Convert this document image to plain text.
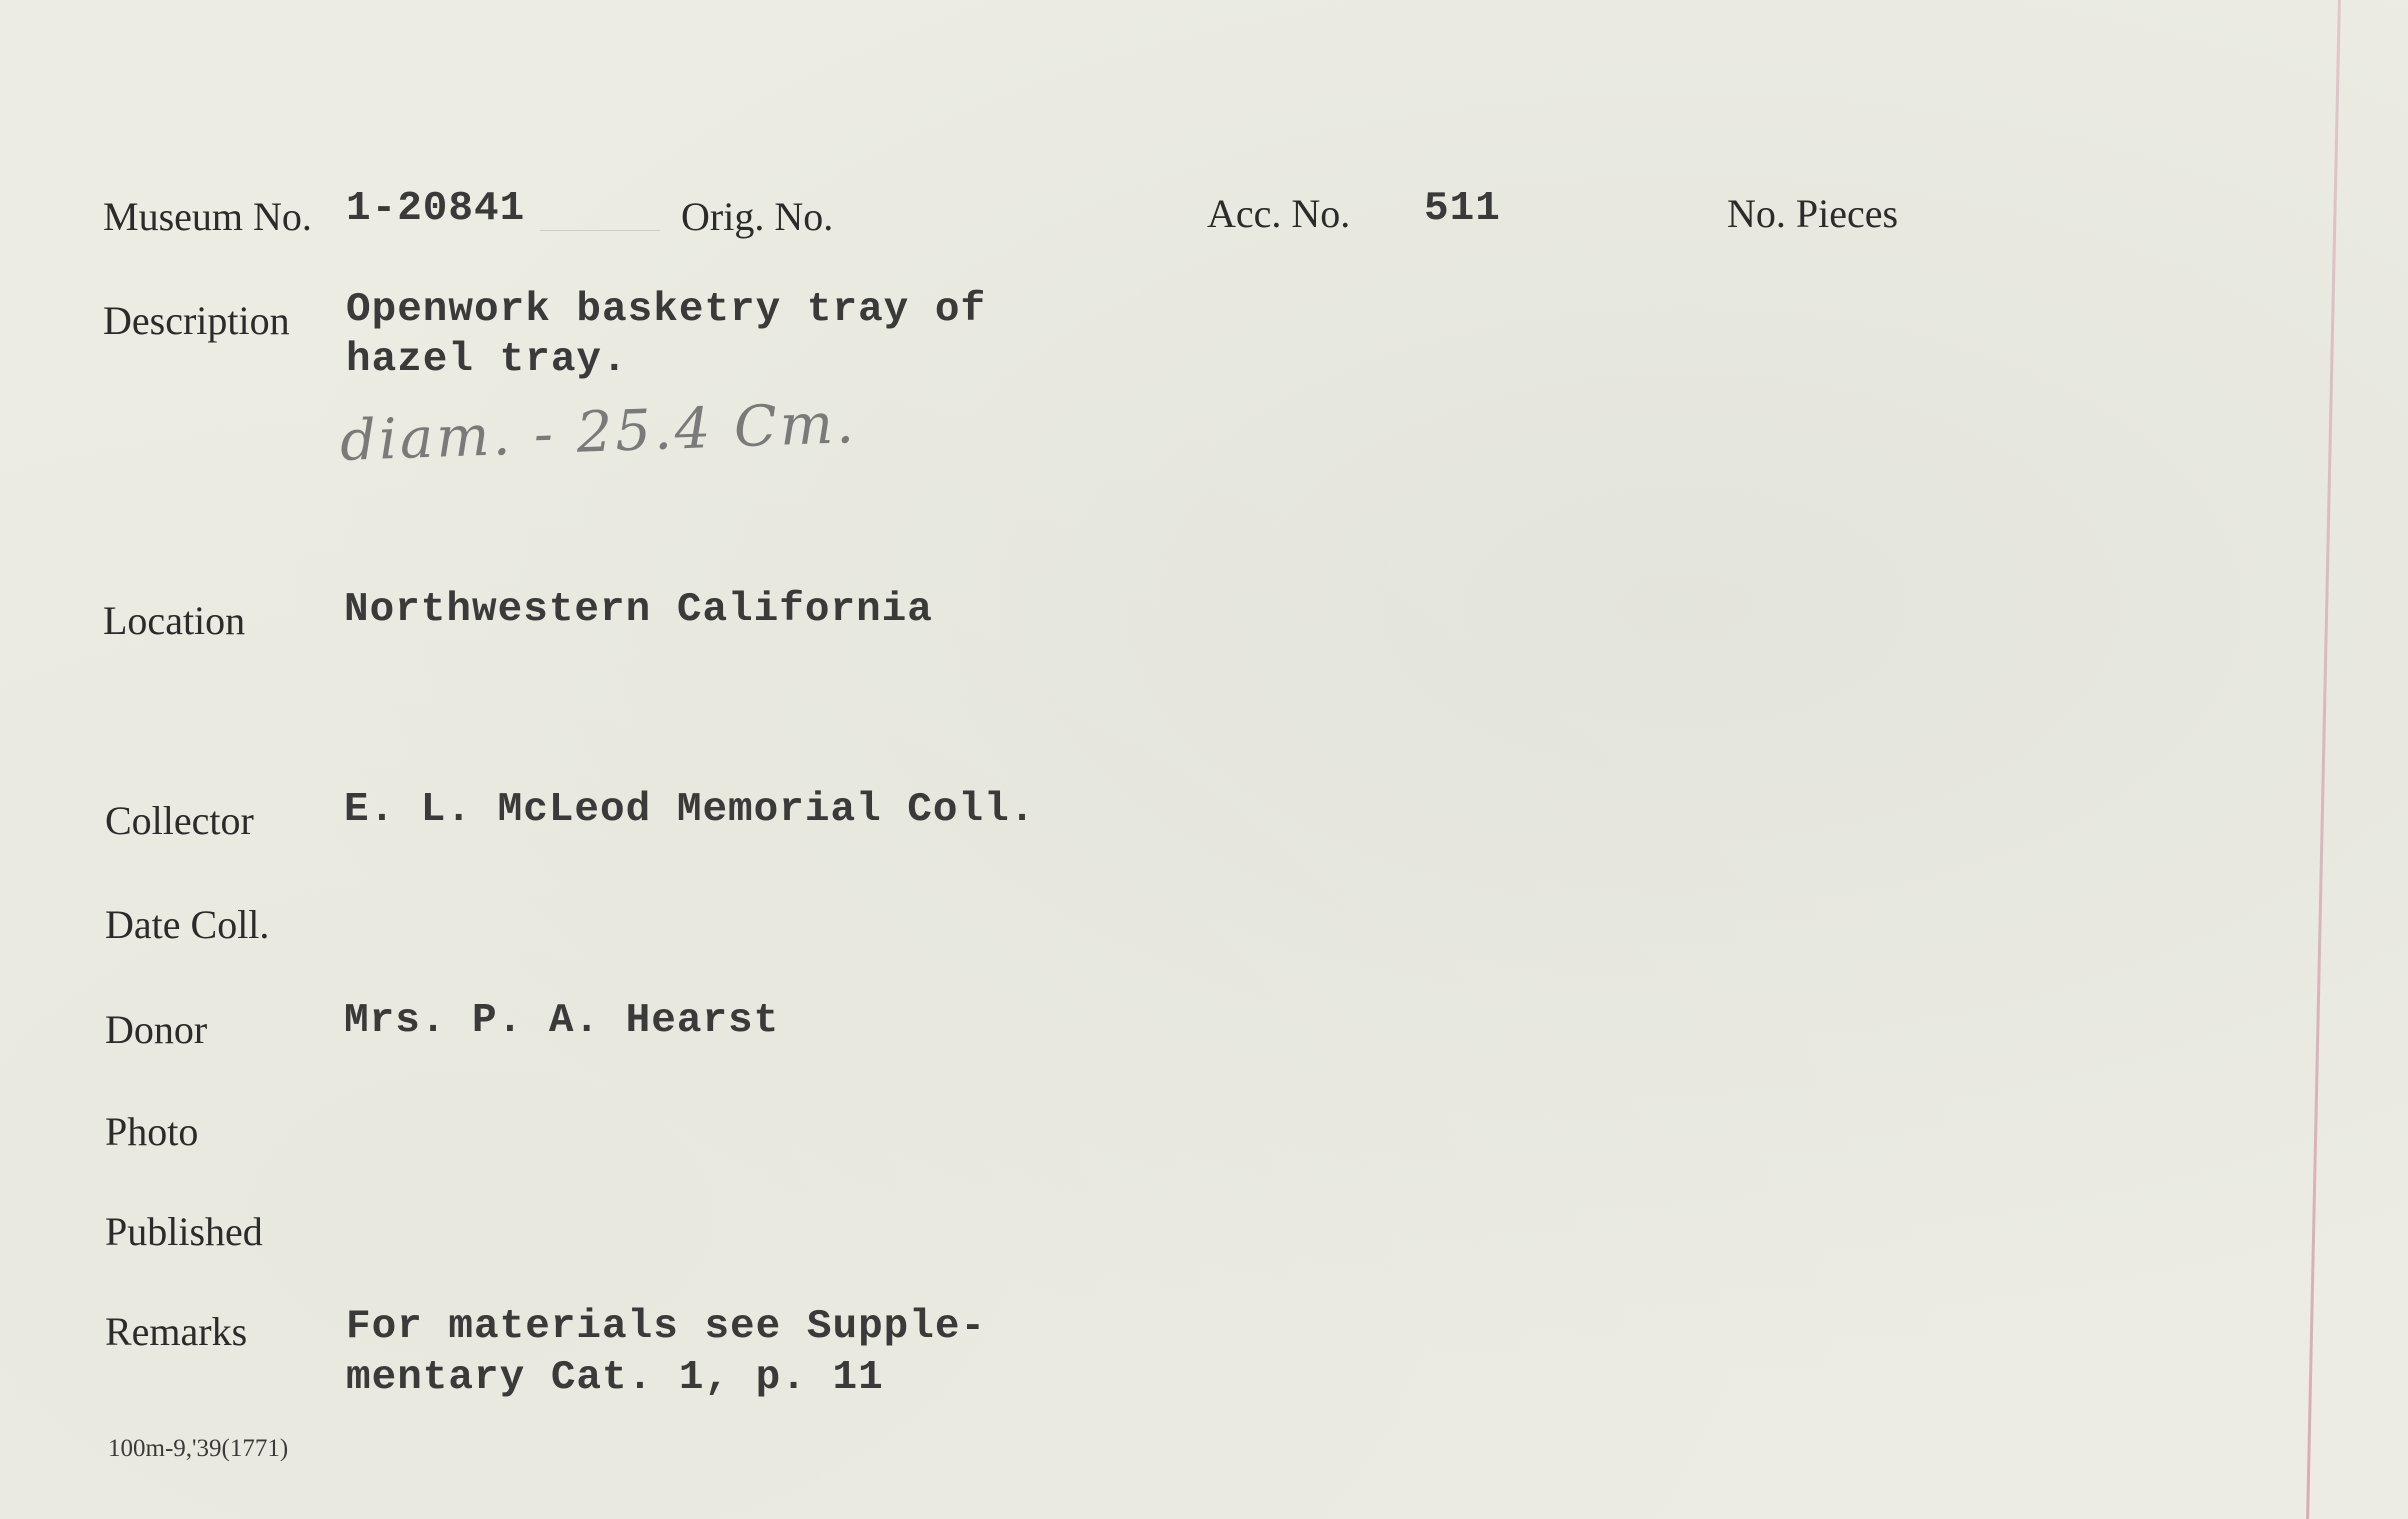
Museum No. 1-20841	Orig. No.	Acc. No. 511	No. Pieces
Description Openwork basketry tray of
hazel tray.
diam. - 25.4 Cm.
Location Northwestern California
Collector E. L. McLeod Memorial Coll.
Date Coll.
Donor	Mrs. P. A. Hearst
Photo
Published
Remarks For materials see Supple-
mentary Cat. 1, p. 11
100m-9,'39(1771)
